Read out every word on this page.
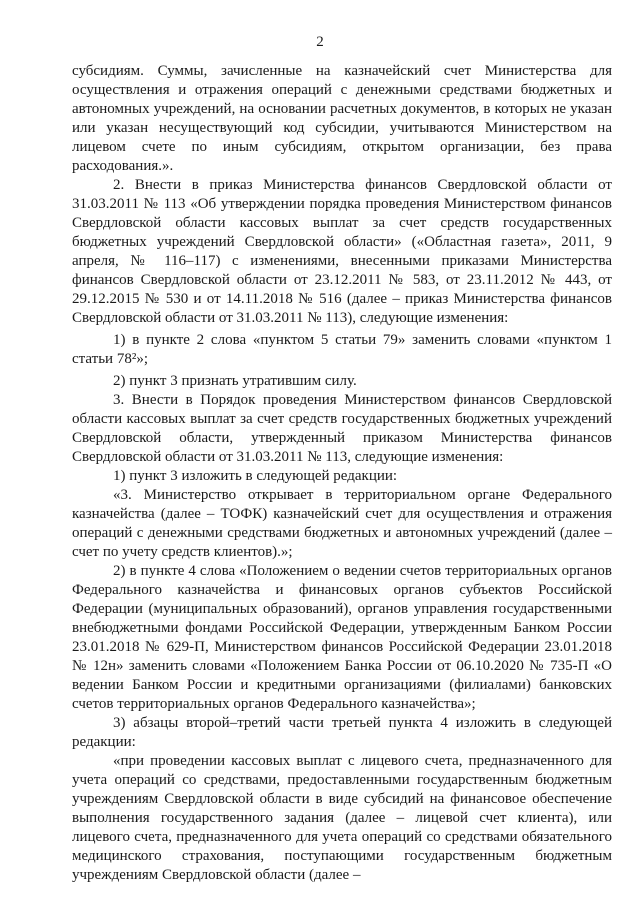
2

субсидиям. Суммы, зачисленные на казначейский счет Министерства для осуществления и отражения операций с денежными средствами бюджетных и автономных учреждений, на основании расчетных документов, в которых не указан или указан несуществующий код субсидии, учитываются Министерством на лицевом счете по иным субсидиям, открытом организации, без права расходования.».

2. Внести в приказ Министерства финансов Свердловской области от 31.03.2011 № 113 «Об утверждении порядка проведения Министерством финансов Свердловской области кассовых выплат за счет средств государственных бюджетных учреждений Свердловской области» («Областная газета», 2011, 9 апреля, № 116–117) с изменениями, внесенными приказами Министерства финансов Свердловской области от 23.12.2011 № 583, от 23.11.2012 № 443, от 29.12.2015 № 530 и от 14.11.2018 № 516 (далее – приказ Министерства финансов Свердловской области от 31.03.2011 № 113), следующие изменения:

1) в пункте 2 слова «пунктом 5 статьи 79» заменить словами «пунктом 1 статьи 78²»;

2) пункт 3 признать утратившим силу.

3. Внести в Порядок проведения Министерством финансов Свердловской области кассовых выплат за счет средств государственных бюджетных учреждений Свердловской области, утвержденный приказом Министерства финансов Свердловской области от 31.03.2011 № 113, следующие изменения:

1) пункт 3 изложить в следующей редакции:

«3. Министерство открывает в территориальном органе Федерального казначейства (далее – ТОФК) казначейский счет для осуществления и отражения операций с денежными средствами бюджетных и автономных учреждений (далее – счет по учету средств клиентов).»;

2) в пункте 4 слова «Положением о ведении счетов территориальных органов Федерального казначейства и финансовых органов субъектов Российской Федерации (муниципальных образований), органов управления государственными внебюджетными фондами Российской Федерации, утвержденным Банком России 23.01.2018 № 629-П, Министерством финансов Российской Федерации 23.01.2018 № 12н» заменить словами «Положением Банка России от 06.10.2020 № 735-П «О ведении Банком России и кредитными организациями (филиалами) банковских счетов территориальных органов Федерального казначейства»;

3) абзацы второй–третий части третьей пункта 4 изложить в следующей редакции:

«при проведении кассовых выплат с лицевого счета, предназначенного для учета операций со средствами, предоставленными государственным бюджетным учреждениям Свердловской области в виде субсидий на финансовое обеспечение выполнения государственного задания (далее – лицевой счет клиента), или лицевого счета, предназначенного для учета операций со средствами обязательного медицинского страхования, поступающими государственным бюджетным учреждениям Свердловской области (далее –
